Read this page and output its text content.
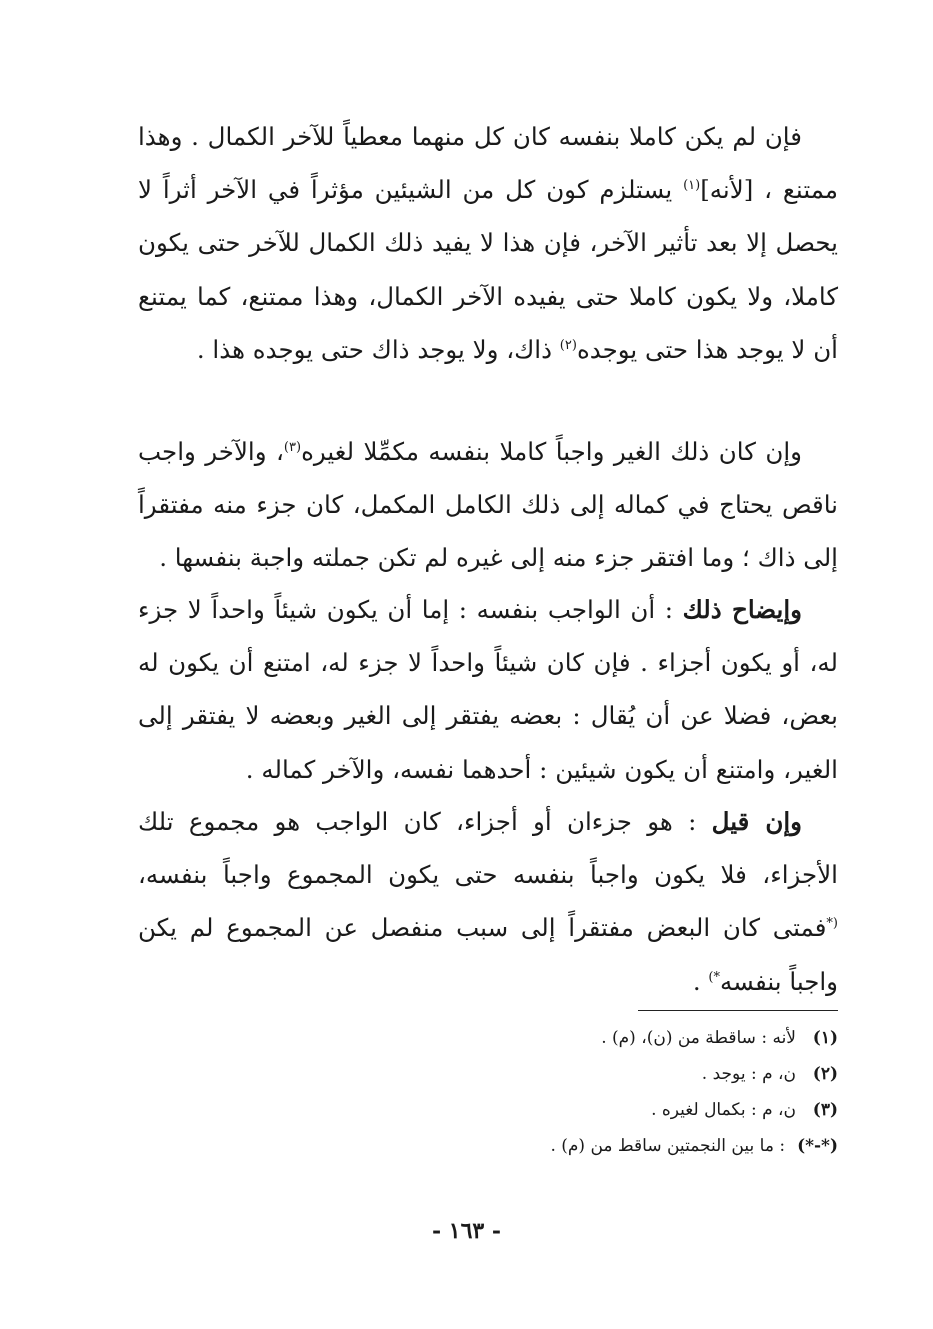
فإن لم يكن كاملا بنفسه كان كل منهما معطياً للآخر الكمال . وهذا ممتنع ، [لأنه]$^{(١)}$ يستلزم كون كل من الشيئين مؤثراً في الآخر أثراً لا يحصل إلا بعد تأثير الآخر، فإن هذا لا يفيد ذلك الكمال للآخر حتى يكون كاملا، ولا يكون كاملا حتى يفيده الآخر الكمال، وهذا ممتنع، كما يمتنع أن لا يوجد هذا حتى يوجده$^{(٢)}$ ذاك، ولا يوجد ذاك حتى يوجده هذا .

وإن كان ذلك الغير واجباً كاملا بنفسه مكمِّلا لغيره$^{(٣)}$، والآخر واجب ناقص يحتاج في كماله إلى ذلك الكامل المكمل، كان جزء منه مفتقراً إلى ذاك ؛ وما افتقر جزء منه إلى غيره لم تكن جملته واجبة بنفسها .

وإيضاح ذلك : أن الواجب بنفسه : إما أن يكون شيئاً واحداً لا جزء له، أو يكون أجزاء . فإن كان شيئاً واحداً لا جزء له، امتنع أن يكون له بعض، فضلا عن أن يُقال : بعضه يفتقر إلى الغير وبعضه لا يفتقر إلى الغير، وامتنع أن يكون شيئين : أحدهما نفسه، والآخر كماله .

وإن قيل : هو جزءان أو أجزاء، كان الواجب هو مجموع تلك الأجزاء، فلا يكون واجباً بنفسه حتى يكون المجموع واجباً بنفسه، (*فمتى كان البعض مفتقراً إلى سبب منفصل عن المجموع لم يكن واجباً بنفسه*) .

(١)
لأنه : ساقطة من (ن)، (م) .
(٢)
ن، م : يوجد .
(٣)
ن، م : بكمال لغيره .
(*-*)
: ما بين النجمتين ساقط من (م) .
- ١٦٣ -
